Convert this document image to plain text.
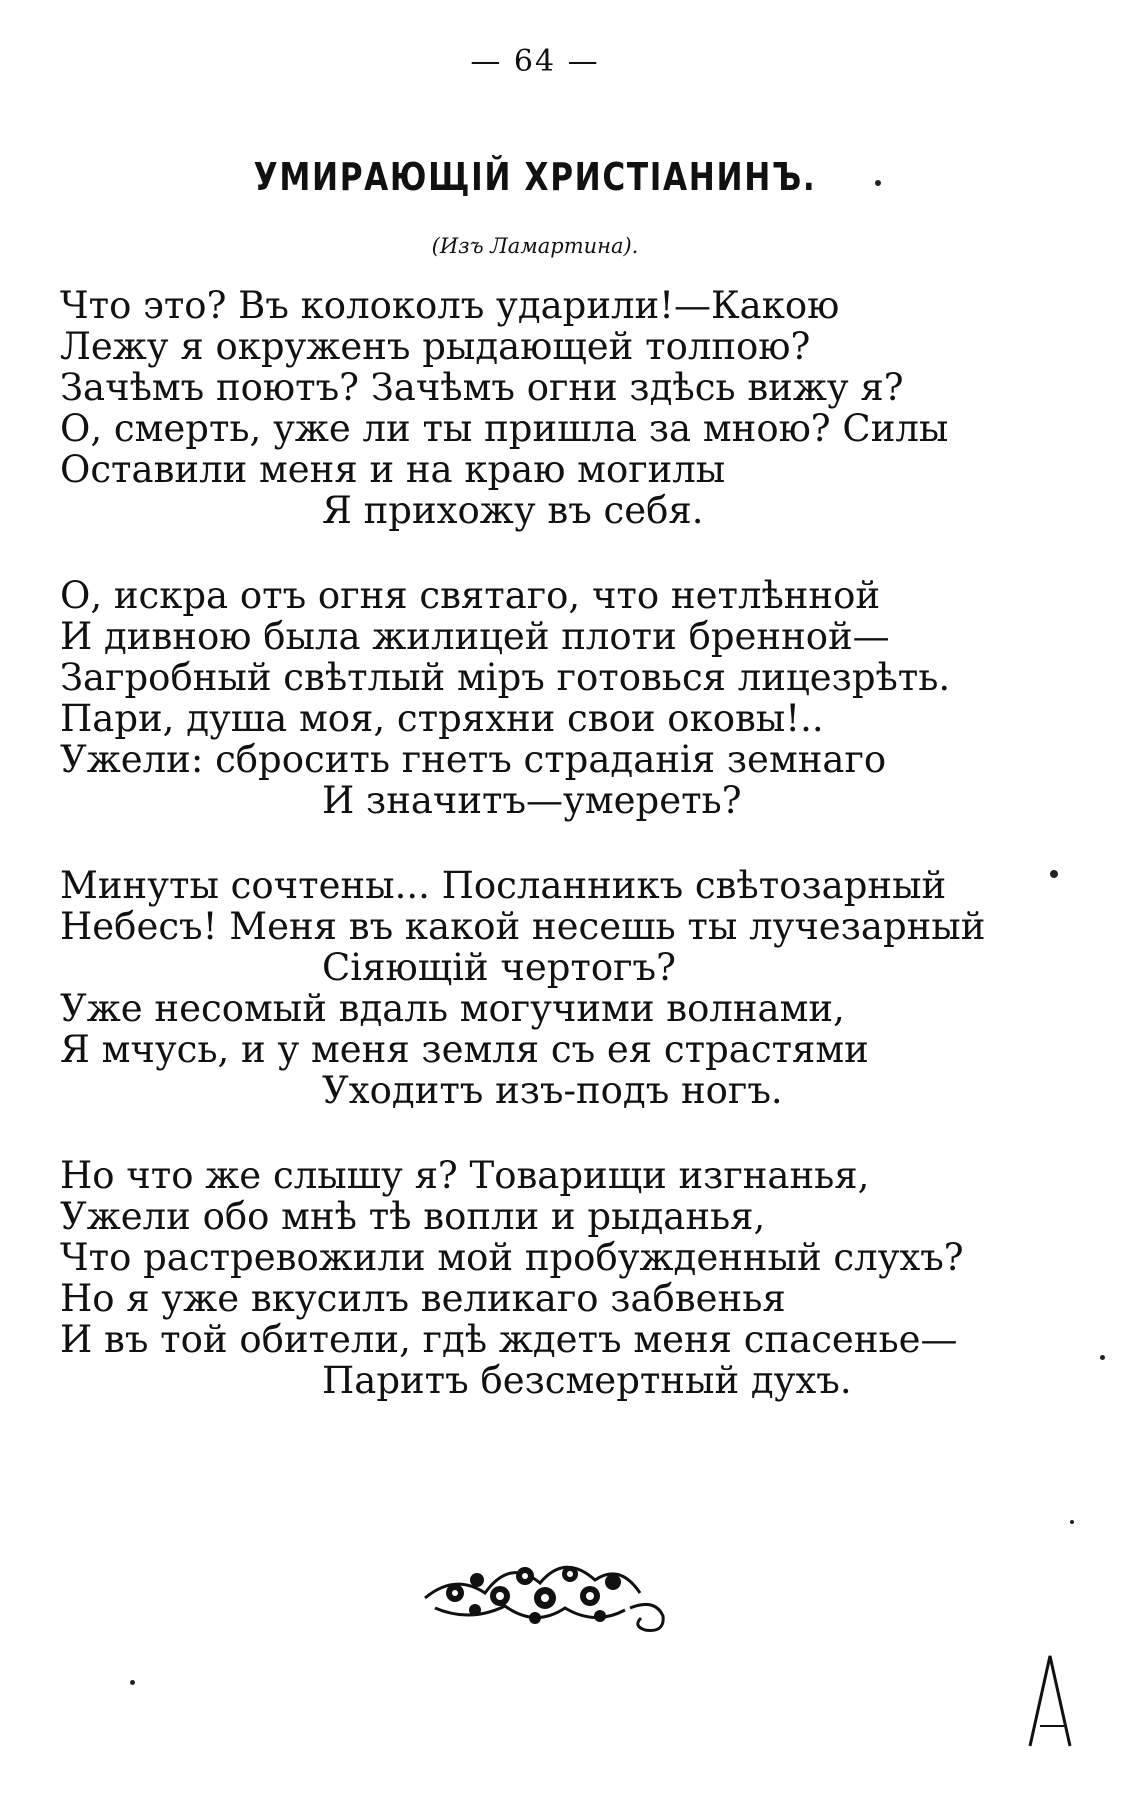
— 64 —
УМИРАЮЩІЙ ХРИСТІАНИНЪ.
(Изъ Ламартина).
Что это? Въ колоколъ ударили!—Какою
Лежу я окруженъ рыдающей толпою?
Зачѣмъ поютъ? Зачѣмъ огни здѣсь вижу я?
О, смерть, уже ли ты пришла за мною? Силы
Оставили меня и на краю могилы
Я прихожу въ себя.
О, искра отъ огня святаго, что нетлѣнной
И дивною была жилицей плоти бренной—
Загробный свѣтлый міръ готовься лицезрѣть.
Пари, душа моя, стряхни свои оковы!..
Ужели: сбросить гнетъ страданія земнаго
И значитъ—умереть?
Минуты сочтены... Посланникъ свѣтозарный
Небесъ! Меня въ какой несешь ты лучезарный
Сіяющій чертогъ?
Уже несомый вдаль могучими волнами,
Я мчусь, и у меня земля съ ея страстями
Уходитъ изъ-подъ ногъ.
Но что же слышу я? Товарищи изгнанья,
Ужели обо мнѣ тѣ вопли и рыданья,
Что растревожили мой пробужденный слухъ?
Но я уже вкусилъ великаго забвенья
И въ той обители, гдѣ ждетъ меня спасенье—
Паритъ безсмертный духъ.
